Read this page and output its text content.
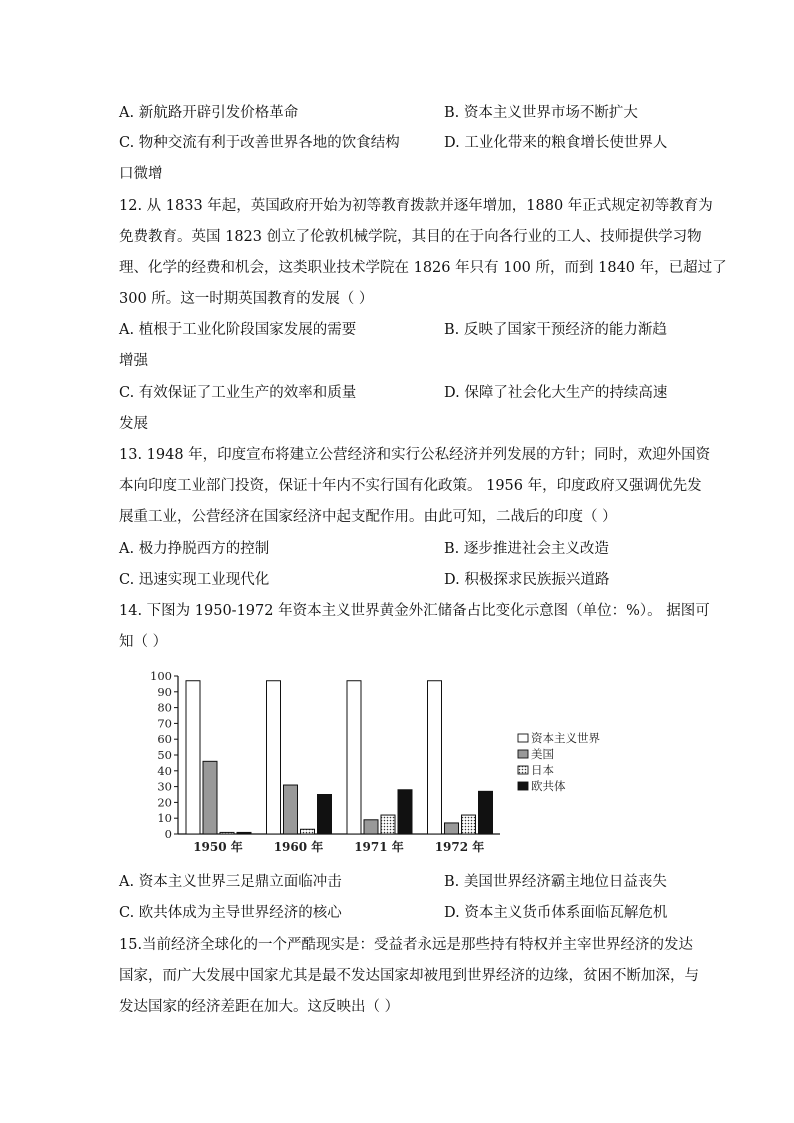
A. 新航路开辟引发价格革命	B. 资本主义世界市场不断扩大
C. 物种交流有利于改善世界各地的饮食结构	D. 工业化带来的粮食增长使世界人
口微增
12. 从 1833 年起，英国政府开始为初等教育拨款并逐年增加，1880 年正式规定初等教育为
免费教育。英国 1823 创立了伦敦机械学院，其目的在于向各行业的工人、技师提供学习物
理、化学的经费和机会，这类职业技术学院在 1826 年只有 100 所，而到 1840 年，已超过了
300 所。这一时期英国教育的发展（ ）
A. 植根于工业化阶段国家发展的需要	B. 反映了国家干预经济的能力渐趋
增强
C. 有效保证了工业生产的效率和质量	D. 保障了社会化大生产的持续高速
发展
13. 1948 年，印度宣布将建立公营经济和实行公私经济并列发展的方针；同时，欢迎外国资
本向印度工业部门投资，保证十年内不实行国有化政策。 1956 年，印度政府又强调优先发
展重工业，公营经济在国家经济中起支配作用。由此可知，二战后的印度（ ）
A. 极力挣脱西方的控制	B. 逐步推进社会主义改造
C. 迅速实现工业现代化	D. 积极探求民族振兴道路
14. 下图为 1950-1972 年资本主义世界黄金外汇储备占比变化示意图（单位：%）。 据图可
知（ ）
0
10
20
30
40
50
60
70
80
90
100
1950 年	1960 年	1971 年	1972 年
资本主义世界
美国
日本
欧共体
A. 资本主义世界三足鼎立面临冲击	B. 美国世界经济霸主地位日益丧失
C. 欧共体成为主导世界经济的核心	D. 资本主义货币体系面临瓦解危机
15.当前经济全球化的一个严酷现实是：受益者永远是那些持有特权并主宰世界经济的发达
国家，而广大发展中国家尤其是最不发达国家却被甩到世界经济的边缘，贫困不断加深，与
发达国家的经济差距在加大。这反映出（ ）
